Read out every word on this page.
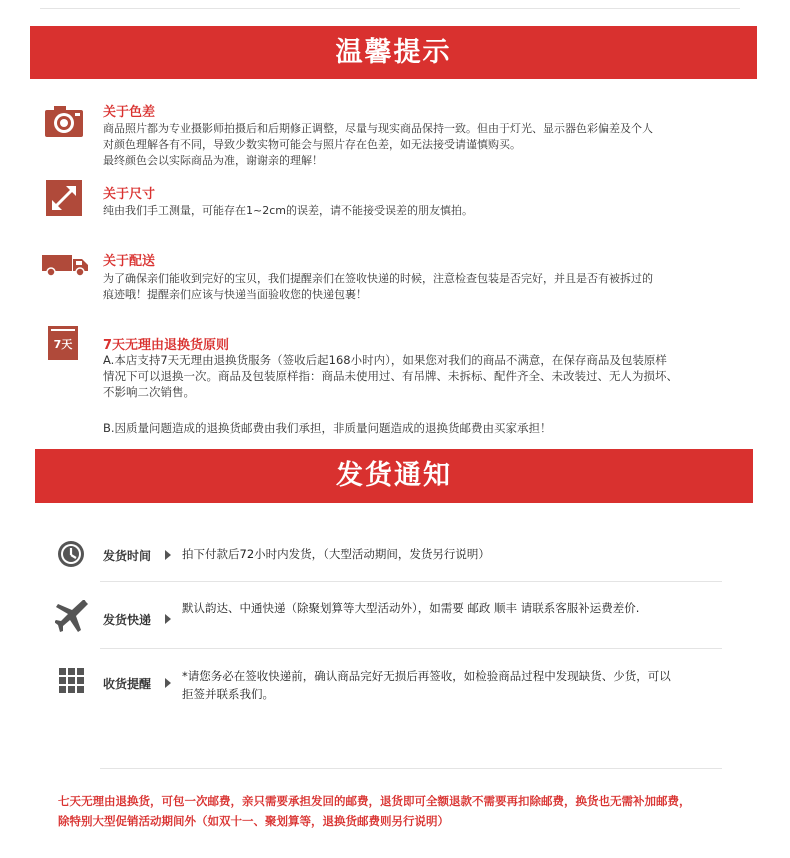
温馨提示
关于色差

商品照片都为专业摄影师拍摄后和后期修正调整，尽量与现实商品保持一致。但由于灯光、显示器色彩偏差及个人

对颜色理解各有不同，导致少数实物可能会与照片存在色差，如无法接受请谨慎购买。

最终颜色会以实际商品为准，谢谢亲的理解！

关于尺寸

纯由我们手工测量，可能存在1~2cm的误差，请不能接受误差的朋友慎拍。

关于配送

为了确保亲们能收到完好的宝贝，我们提醒亲们在签收快递的时候，注意检查包装是否完好，并且是否有被拆过的

痕迹哦！提醒亲们应该与快递当面验收您的快递包裹！

7天	7天无理由退换货原则

A.本店支持7天无理由退换货服务（签收后起168小时内），如果您对我们的商品不满意，在保存商品及包装原样

情况下可以退换一次。商品及包装原样指：商品未使用过、有吊牌、未拆标、配件齐全、未改装过、无人为损坏、

不影响二次销售。

B.因质量问题造成的退换货邮费由我们承担，非质量问题造成的退换货邮费由买家承担！

发货通知
发货时间	拍下付款后72小时内发货，（大型活动期间，发货另行说明）

发货快递

默认韵达、中通快递（除聚划算等大型活动外），如需要 邮政 顺丰 请联系客服补运费差价.

收货提醒

*请您务必在签收快递前，确认商品完好无损后再签收，如检验商品过程中发现缺货、少货，可以

拒签并联系我们。

七天无理由退换货，可包一次邮费，亲只需要承担发回的邮费，退货即可全额退款不需要再扣除邮费，换货也无需补加邮费，

除特别大型促销活动期间外（如双十一、聚划算等，退换货邮费则另行说明）
